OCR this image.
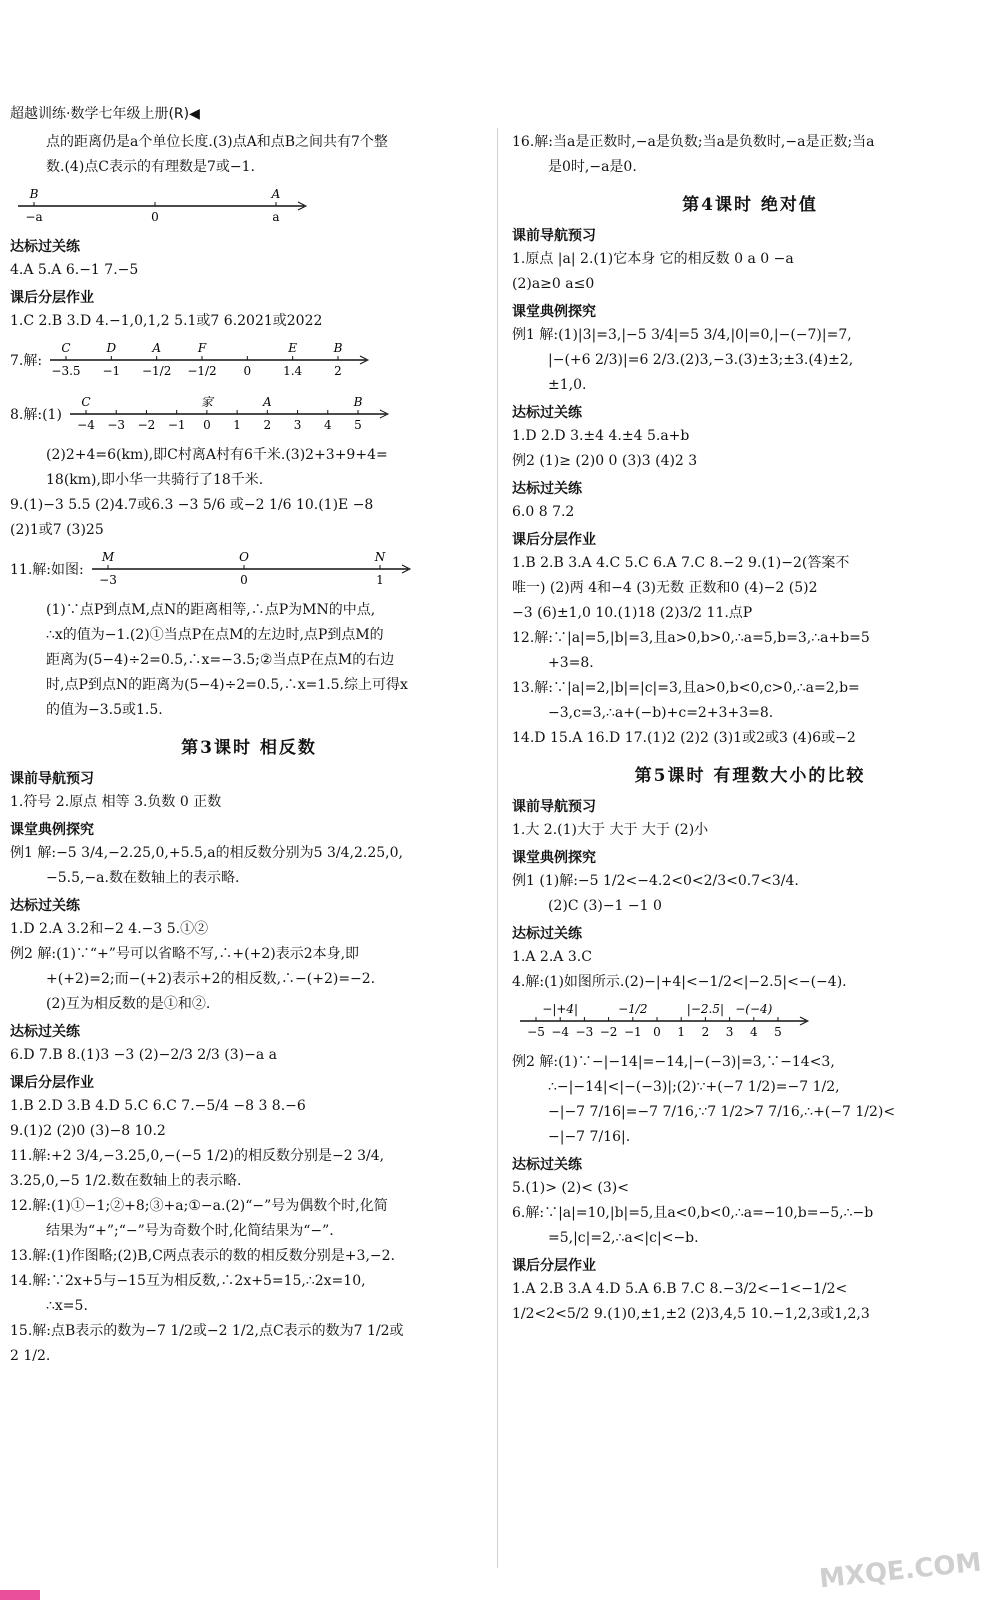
超越训练·数学七年级上册(R)◀
点的距离仍是a个单位长度.(3)点A和点B之间共有7个整
数.(4)点C表示的有理数是7或−1.
−a
B
0	a
A
达标过关练
4.A 5.A 6.−1 7.−5
课后分层作业
1.C 2.B 3.D 4.−1,0,1,2 5.1或7 6.2021或2022
7.解:
−3.5
C
−1
D
−1/2
A
−1/2
F
0	1.4
E
2
B
8.解:(1)
−4
C
−3 −2 −1 0
家
1 2
A
3 4 5
B
(2)2+4=6(km),即C村离A村有6千米.(3)2+3+9+4=
18(km),即小华一共骑行了18千米.
9.(1)−3 5.5 (2)4.7或6.3 −3 5/6 或−2 1/6 10.(1)E −8
(2)1或7 (3)25
11.解:如图:
−3
M
0
O
1
N
(1)∵点P到点M,点N的距离相等,∴点P为MN的中点,
∴x的值为−1.(2)①当点P在点M的左边时,点P到点M的
距离为(5−4)÷2=0.5,∴x=−3.5;②当点P在点M的右边
时,点P到点N的距离为(5−4)÷2=0.5,∴x=1.5.综上可得x
的值为−3.5或1.5.
第3课时 相反数
课前导航预习
1.符号 2.原点 相等 3.负数 0 正数
课堂典例探究
例1 解:−5 3/4,−2.25,0,+5.5,a的相反数分别为5 3/4,2.25,0,
−5.5,−a.数在数轴上的表示略.
达标过关练
1.D 2.A 3.2和−2 4.−3 5.①②
例2 解:(1)∵“+”号可以省略不写,∴+(+2)表示2本身,即
+(+2)=2;而−(+2)表示+2的相反数,∴−(+2)=−2.
(2)互为相反数的是①和②.
达标过关练
6.D 7.B 8.(1)3 −3 (2)−2/3 2/3 (3)−a a
课后分层作业
1.B 2.D 3.B 4.D 5.C 6.C 7.−5/4 −8 3 8.−6
9.(1)2 (2)0 (3)−8 10.2
11.解:+2 3/4,−3.25,0,−(−5 1/2)的相反数分别是−2 3/4,
3.25,0,−5 1/2.数在数轴上的表示略.
12.解:(1)①−1;②+8;③+a;①−a.(2)“−”号为偶数个时,化简
结果为“+”;“−”号为奇数个时,化简结果为“−”.
13.解:(1)作图略;(2)B,C两点表示的数的相反数分别是+3,−2.
14.解:∵2x+5与−15互为相反数,∴2x+5=15,∴2x=10,
∴x=5.
15.解:点B表示的数为−7 1/2或−2 1/2,点C表示的数为7 1/2或
2 1/2.
16.解:当a是正数时,−a是负数;当a是负数时,−a是正数;当a
是0时,−a是0.
第4课时 绝对值
课前导航预习
1.原点 |a| 2.(1)它本身 它的相反数 0 a 0 −a
(2)a≥0 a≤0
课堂典例探究
例1 解:(1)|3|=3,|−5 3/4|=5 3/4,|0|=0,|−(−7)|=7,
|−(+6 2/3)|=6 2/3.(2)3,−3.(3)±3;±3.(4)±2,
±1,0.
达标过关练
1.D 2.D 3.±4 4.±4 5.a+b
例2 (1)≥ (2)0 0 (3)3 (4)2 3
达标过关练
6.0 8 7.2
课后分层作业
1.B 2.B 3.A 4.C 5.C 6.A 7.C 8.−2 9.(1)−2(答案不
唯一) (2)两 4和−4 (3)无数 正数和0 (4)−2 (5)2
−3 (6)±1,0 10.(1)18 (2)3/2 11.点P
12.解:∵|a|=5,|b|=3,且a>0,b>0,∴a=5,b=3,∴a+b=5
+3=8.
13.解:∵|a|=2,|b|=|c|=3,且a>0,b<0,c>0,∴a=2,b=
−3,c=3,∴a+(−b)+c=2+3+3=8.
14.D 15.A 16.D 17.(1)2 (2)2 (3)1或2或3 (4)6或−2
第5课时 有理数大小的比较
课前导航预习
1.大 2.(1)大于 大于 大于 (2)小
课堂典例探究
例1 (1)解:−5 1/2<−4.2<0<2/3<0.7<3/4.
(2)C (3)−1 −1 0
达标过关练
1.A 2.A 3.C
4.解:(1)如图所示.(2)−|+4|<−1/2<|−2.5|<−(−4).
−5 −4
−|+4|
−3 −2 −1
−1/2
0 1 2
|−2.5|
3 4
−(−4)
5
例2 解:(1)∵−|−14|=−14,|−(−3)|=3,∵−14<3,
∴−|−14|<|−(−3)|;(2)∵+(−7 1/2)=−7 1/2,
−|−7 7/16|=−7 7/16,∵7 1/2>7 7/16,∴+(−7 1/2)<
−|−7 7/16|.
达标过关练
5.(1)> (2)< (3)<
6.解:∵|a|=10,|b|=5,且a<0,b<0,∴a=−10,b=−5,∴−b
=5,|c|=2,∴a<|c|<−b.
课后分层作业
1.A 2.B 3.A 4.D 5.A 6.B 7.C 8.−3/2<−1<−1/2<
1/2<2<5/2 9.(1)0,±1,±2 (2)3,4,5 10.−1,2,3或1,2,3
MXQE.COM
